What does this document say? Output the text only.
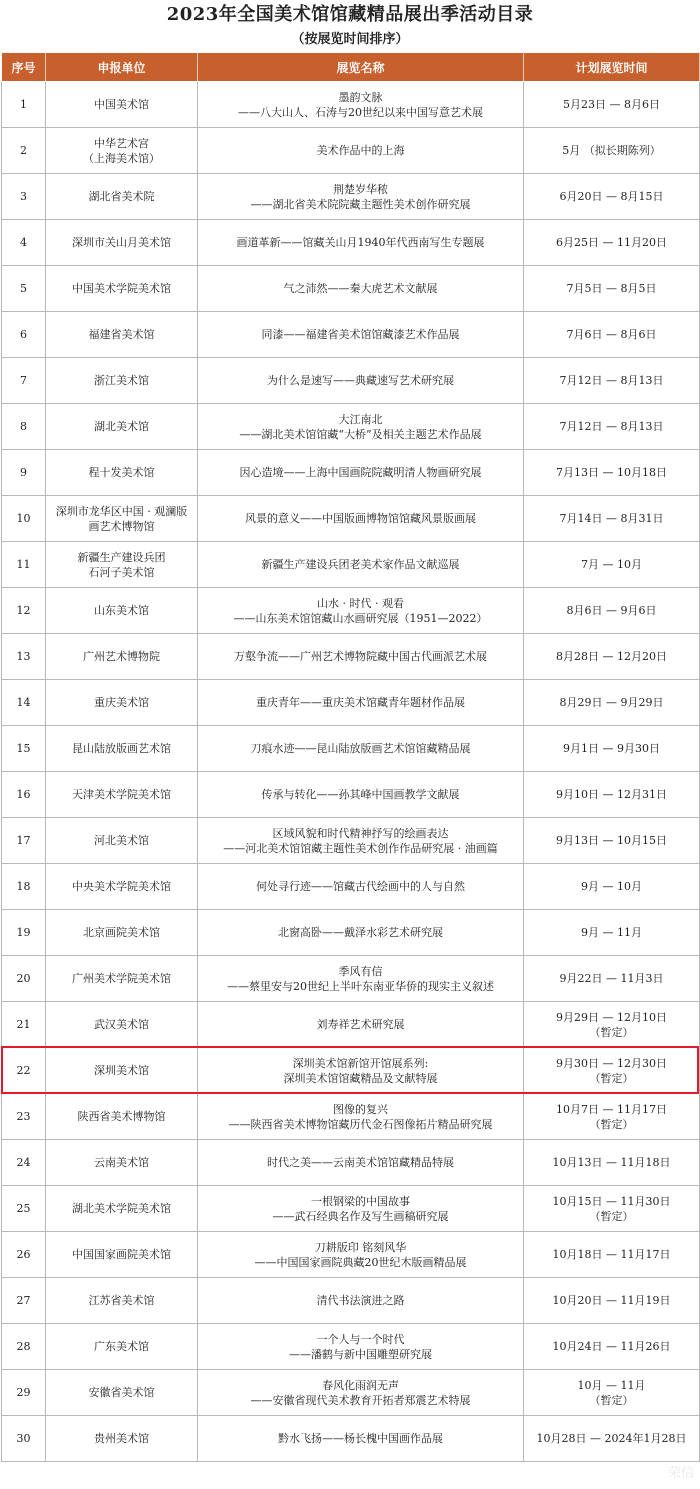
2023年全国美术馆馆藏精品展出季活动目录
（按展览时间排序）
序号	申报单位	展览名称	计划展览时间
1	中国美术馆	墨韵文脉
——八大山人、石涛与20世纪以来中国写意艺术展	5月23日 — 8月6日

2	中华艺术宫
（上海美术馆）	美术作品中的上海	5月 （拟长期陈列）

3	湖北省美术院	荆楚岁华秾
——湖北省美术院院藏主题性美术创作研究展	6月20日 — 8月15日

4	深圳市关山月美术馆	画道革新——馆藏关山月1940年代西南写生专题展	6月25日 — 11月20日

5	中国美术学院美术馆	气之沛然——秦大虎艺术文献展	7月5日 — 8月5日

6	福建省美术馆	同漆——福建省美术馆馆藏漆艺术作品展	7月6日 — 8月6日

7	浙江美术馆	为什么是速写——典藏速写艺术研究展	7月12日 — 8月13日

8	湖北美术馆	大江南北
——湖北美术馆馆藏“大桥”及相关主题艺术作品展	7月12日 — 8月13日

9	程十发美术馆	因心造境——上海中国画院院藏明清人物画研究展	7月13日 — 10月18日

10	深圳市龙华区中国 · 观澜版
画艺术博物馆	风景的意义——中国版画博物馆馆藏风景版画展	7月14日 — 8月31日

11	新疆生产建设兵团
石河子美术馆	新疆生产建设兵团老美术家作品文献巡展	7月 — 10月

12	山东美术馆	山水 · 时代 · 观看
——山东美术馆馆藏山水画研究展（1951—2022）	8月6日 — 9月6日

13	广州艺术博物院	万壑争流——广州艺术博物院藏中国古代画派艺术展	8月28日 — 12月20日

14	重庆美术馆	重庆青年——重庆美术馆藏青年题材作品展	8月29日 — 9月29日

15	昆山陆放版画艺术馆	刀痕水迹——昆山陆放版画艺术馆馆藏精品展	9月1日 — 9月30日

16	天津美术学院美术馆	传承与转化——孙其峰中国画教学文献展	9月10日 — 12月31日

17	河北美术馆	区域风貌和时代精神抒写的绘画表达
——河北美术馆馆藏主题性美术创作作品研究展 · 油画篇	9月13日 — 10月15日

18	中央美术学院美术馆	何处寻行迹——馆藏古代绘画中的人与自然	9月 — 10月

19	北京画院美术馆	北窗高卧——戴泽水彩艺术研究展	9月 — 11月

20	广州美术学院美术馆	季风有信
——蔡里安与20世纪上半叶东南亚华侨的现实主义叙述	9月22日 — 11月3日

21	武汉美术馆	刘寿祥艺术研究展	9月29日 — 12月10日
（暂定）

22	深圳美术馆	深圳美术馆新馆开馆展系列:
深圳美术馆馆藏精品及文献特展	9月30日 — 12月30日
（暂定）

23	陕西省美术博物馆	图像的复兴
——陕西省美术博物馆藏历代金石图像拓片精品研究展	10月7日 — 11月17日
（暂定）

24	云南美术馆	时代之美——云南美术馆馆藏精品特展	10月13日 — 11月18日

25	湖北美术学院美术馆	一根钢梁的中国故事
——武石经典名作及写生画稿研究展	10月15日 — 11月30日
（暂定）

26	中国国家画院美术馆	刀耕版印 铭刻风华
——中国国家画院典藏20世纪木版画精品展	10月18日 — 11月17日

27	江苏省美术馆	清代书法演进之路	10月20日 — 11月19日

28	广东美术馆	一个人与一个时代
——潘鹤与新中国雕塑研究展	10月24日 — 11月26日

29	安徽省美术馆	春风化雨润无声
——安徽省现代美术教育开拓者郑震艺术特展	10月 — 11月
（暂定）

30	贵州美术馆	黔水飞扬——杨长槐中国画作品展	10月28日 — 2024年1月28日
荣信
